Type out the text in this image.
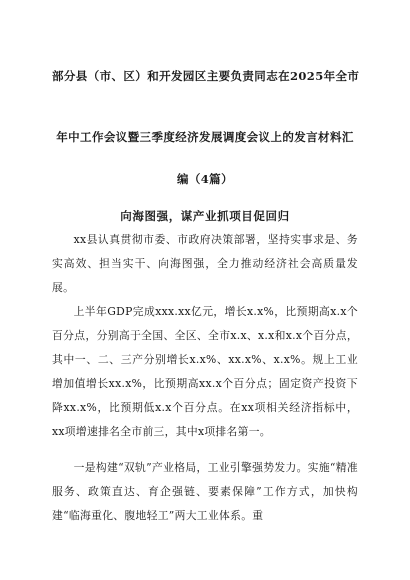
部分县（市、区）和开发园区主要负责同志在2025年全市
年中工作会议暨三季度经济发展调度会议上的发言材料汇
编（4篇）
向海图强，谋产业抓项目促回归

xx县认真贯彻市委、市政府决策部署，坚持实事求是、务实高效、担当实干、向海图强，全力推动经济社会高质量发展。

上半年GDP完成xxx.xx亿元，增长x.x%，比预期高x.x个百分点，分别高于全国、全区、全市x.x、x.x和x.x个百分点，其中一、二、三产分别增长x.x%、xx.x%、x.x%。规上工业增加值增长xx.x%，比预期高xx.x个百分点；固定资产投资下降xx.x%，比预期低x.x个百分点。在xx项相关经济指标中，xx项增速排名全市前三，其中x项排名第一。

一是构建“双轨”产业格局，工业引擎强势发力。实施“精准服务、政策直达、育企强链、要素保障”工作方式，加快构建“临海重化、腹地轻工”两大工业体系。重
